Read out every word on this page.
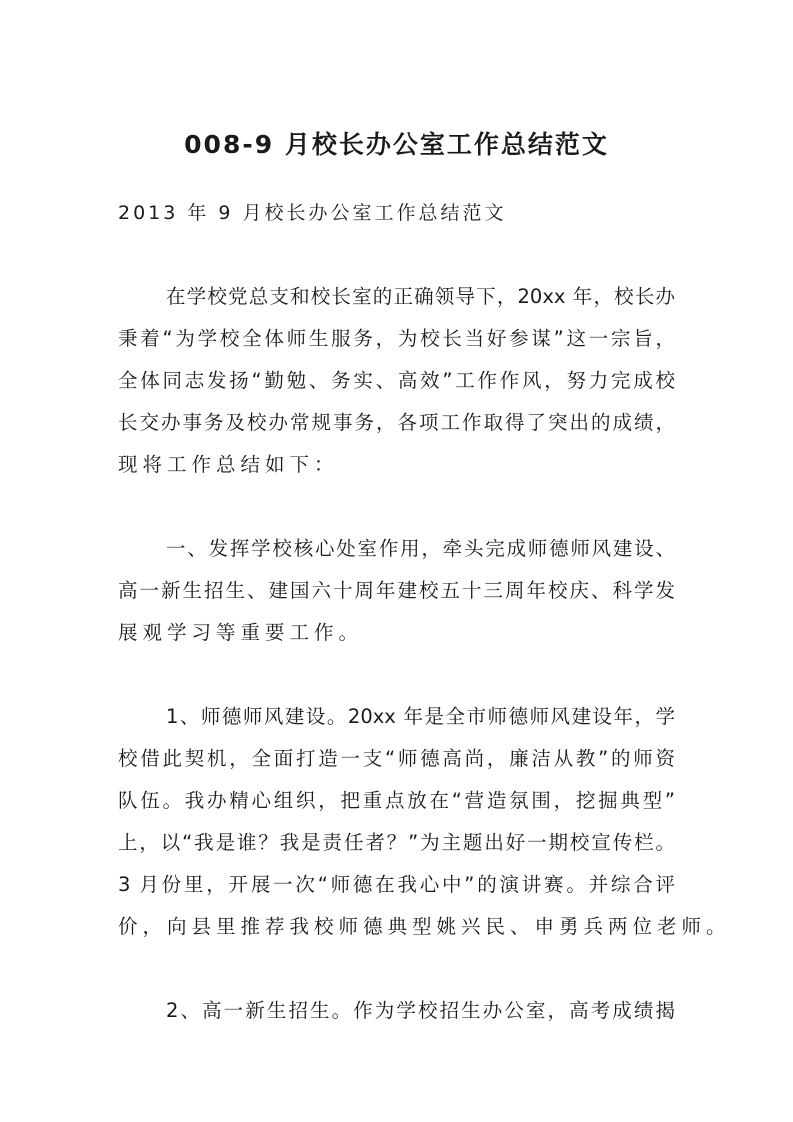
008-9 月校长办公室工作总结范文
2013 年 9 月校长办公室工作总结范文
在学校党总支和校长室的正确领导下，20xx 年，校长办
秉着“为学校全体师生服务，为校长当好参谋”这一宗旨，
全体同志发扬“勤勉、务实、高效”工作作风，努力完成校
长交办事务及校办常规事务，各项工作取得了突出的成绩，
现将工作总结如下：
一、发挥学校核心处室作用，牵头完成师德师风建设、
高一新生招生、建国六十周年建校五十三周年校庆、科学发
展观学习等重要工作。
1、师德师风建设。20xx 年是全市师德师风建设年，学
校借此契机，全面打造一支“师德高尚，廉洁从教”的师资
队伍。我办精心组织，把重点放在“营造氛围，挖掘典型”
上，以“我是谁？我是责任者？”为主题出好一期校宣传栏。
3 月份里，开展一次“师德在我心中”的演讲赛。并综合评
价，向县里推荐我校师德典型姚兴民、申勇兵两位老师。
2、高一新生招生。作为学校招生办公室，高考成绩揭
